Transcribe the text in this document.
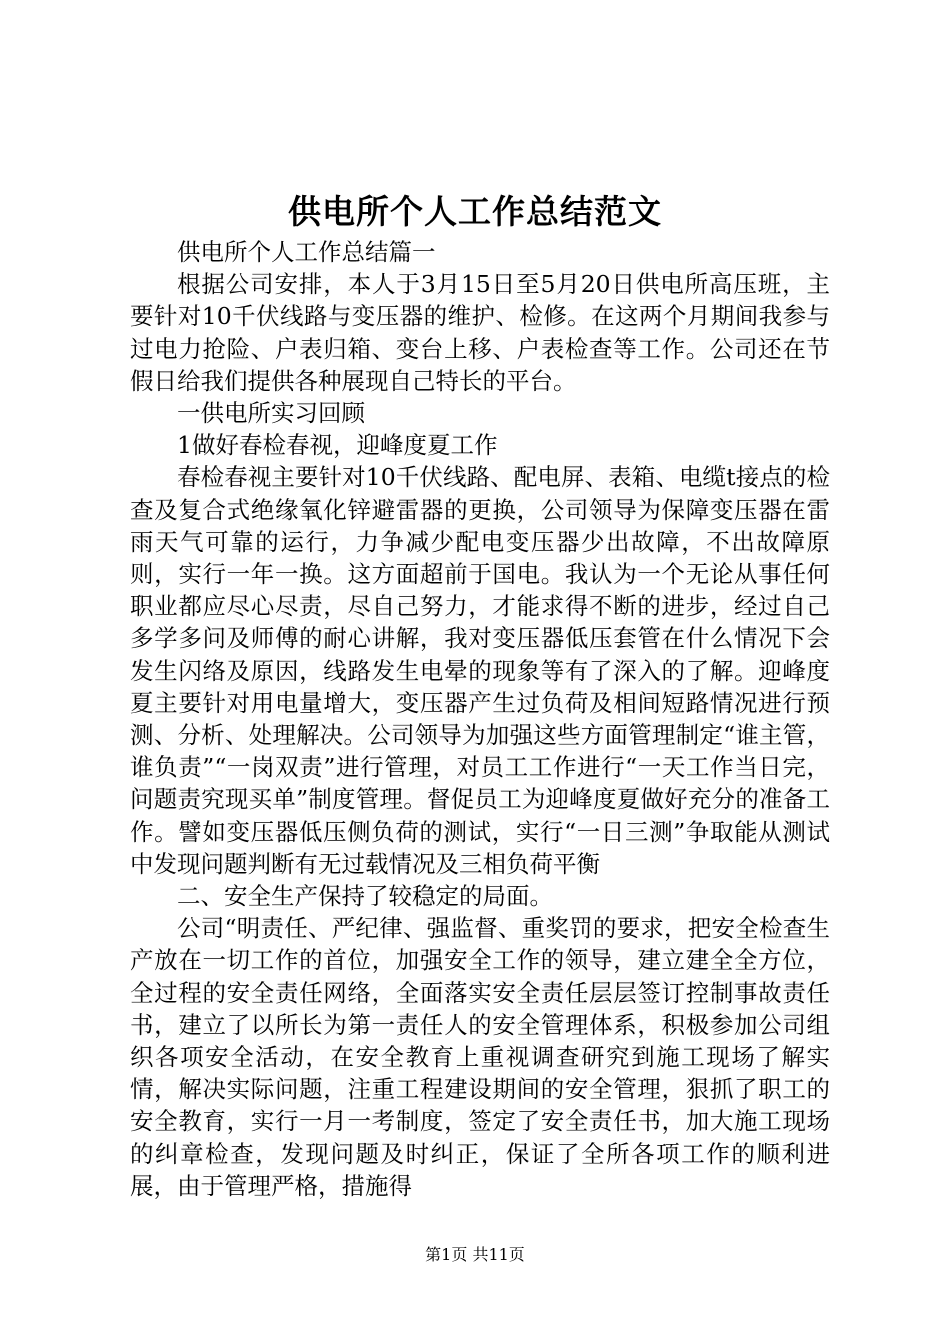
供电所个人工作总结范文

供电所个人工作总结篇一

根据公司安排，本人于3月15日至5月20日供电所高压班，主要针对10千伏线路与变压器的维护、检修。在这两个月期间我参与过电力抢险、户表归箱、变台上移、户表检查等工作。公司还在节假日给我们提供各种展现自己特长的平台。

一供电所实习回顾

1做好春检春视，迎峰度夏工作

春检春视主要针对10千伏线路、配电屏、表箱、电缆t接点的检查及复合式绝缘氧化锌避雷器的更换，公司领导为保障变压器在雷雨天气可靠的运行，力争减少配电变压器少出故障，不出故障原则，实行一年一换。这方面超前于国电。我认为一个无论从事任何职业都应尽心尽责，尽自己努力，才能求得不断的进步，经过自己多学多问及师傅的耐心讲解，我对变压器低压套管在什么情况下会发生闪络及原因，线路发生电晕的现象等有了深入的了解。迎峰度夏主要针对用电量增大，变压器产生过负荷及相间短路情况进行预测、分析、处理解决。公司领导为加强这些方面管理制定“谁主管，谁负责”“一岗双责”进行管理，对员工工作进行“一天工作当日完，问题责究现买单”制度管理。督促员工为迎峰度夏做好充分的准备工作。譬如变压器低压侧负荷的测试，实行“一日三测”争取能从测试中发现问题判断有无过载情况及三相负荷平衡

二、安全生产保持了较稳定的局面。

公司“明责任、严纪律、强监督、重奖罚的要求，把安全检查生产放在一切工作的首位，加强安全工作的领导，建立建全全方位，全过程的安全责任网络，全面落实安全责任层层签订控制事故责任书，建立了以所长为第一责任人的安全管理体系，积极参加公司组织各项安全活动，在安全教育上重视调查研究到施工现场了解实情，解决实际问题，注重工程建设期间的安全管理，狠抓了职工的安全教育，实行一月一考制度，签定了安全责任书，加大施工现场的纠章检查，发现问题及时纠正，保证了全所各项工作的顺利进展，由于管理严格，措施得

第1页 共11页
